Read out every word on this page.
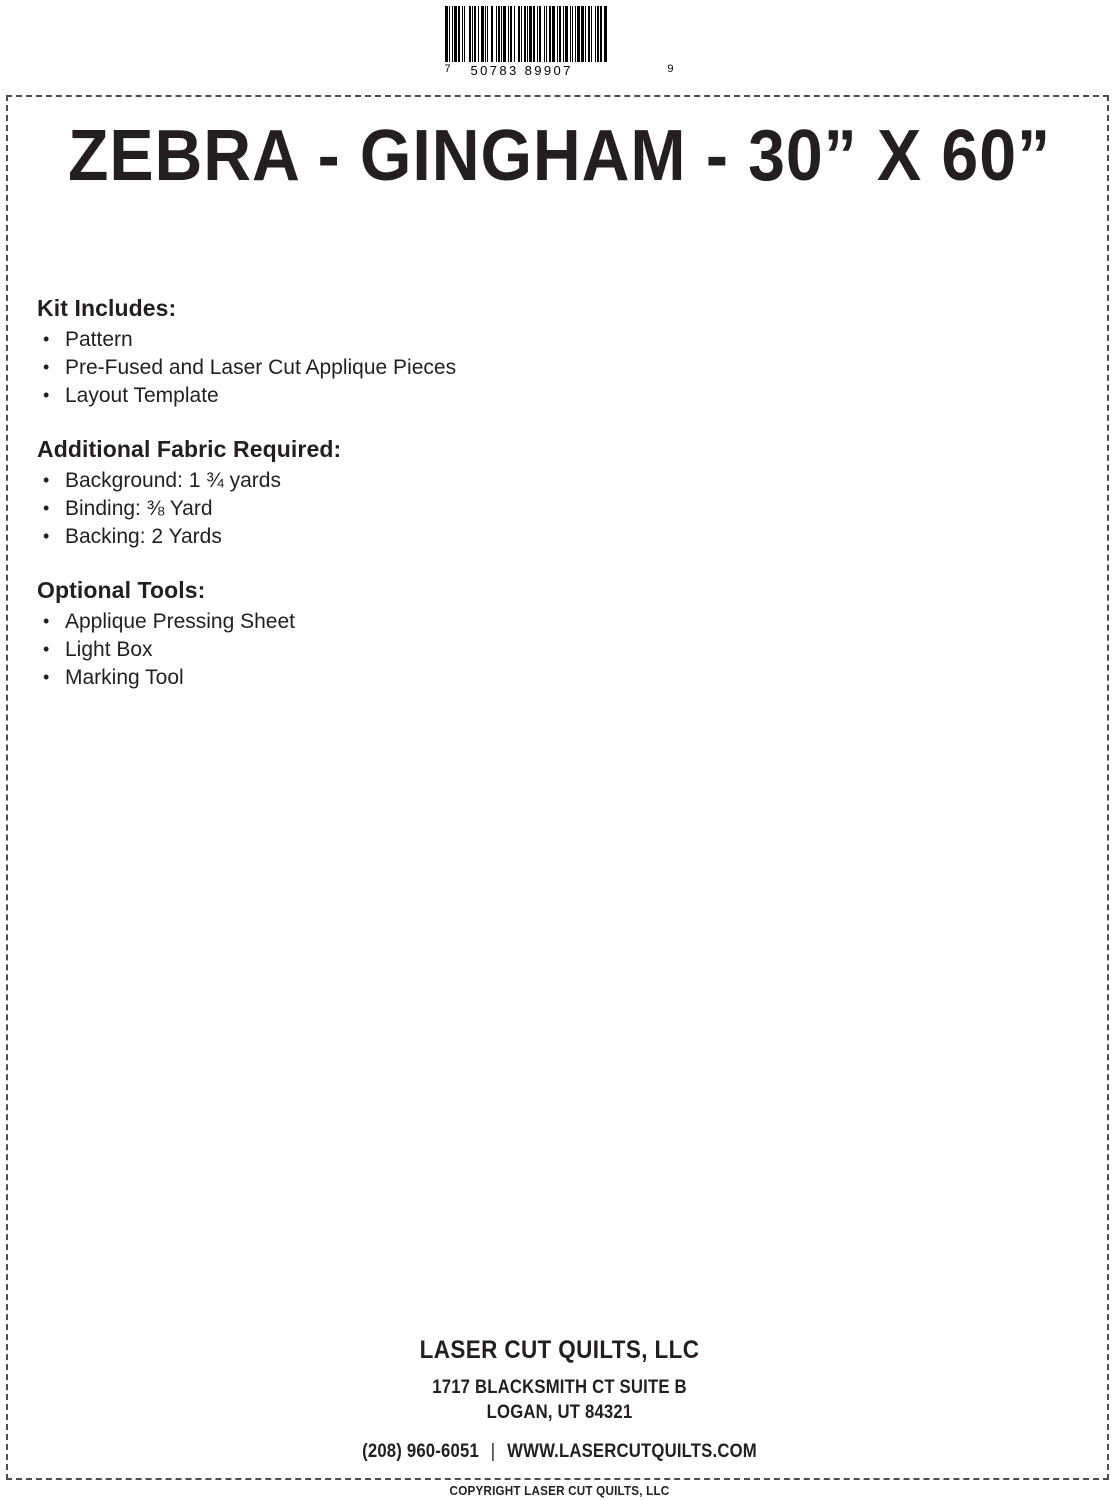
7 50783 89907	9
ZEBRA - GINGHAM - 30” X 60”
Kit Includes:
• Pattern
• Pre-Fused and Laser Cut Applique Pieces
• Layout Template
Additional Fabric Required:
• Background: 1 ¾ yards
• Binding: ⅜ Yard
• Backing: 2 Yards
Optional Tools:
• Applique Pressing Sheet
• Light Box
• Marking Tool
LASER CUT QUILTS, LLC
1717 BLACKSMITH CT SUITE B
LOGAN, UT 84321
(208) 960-6051 | WWW.LASERCUTQUILTS.COM
COPYRIGHT LASER CUT QUILTS, LLC
